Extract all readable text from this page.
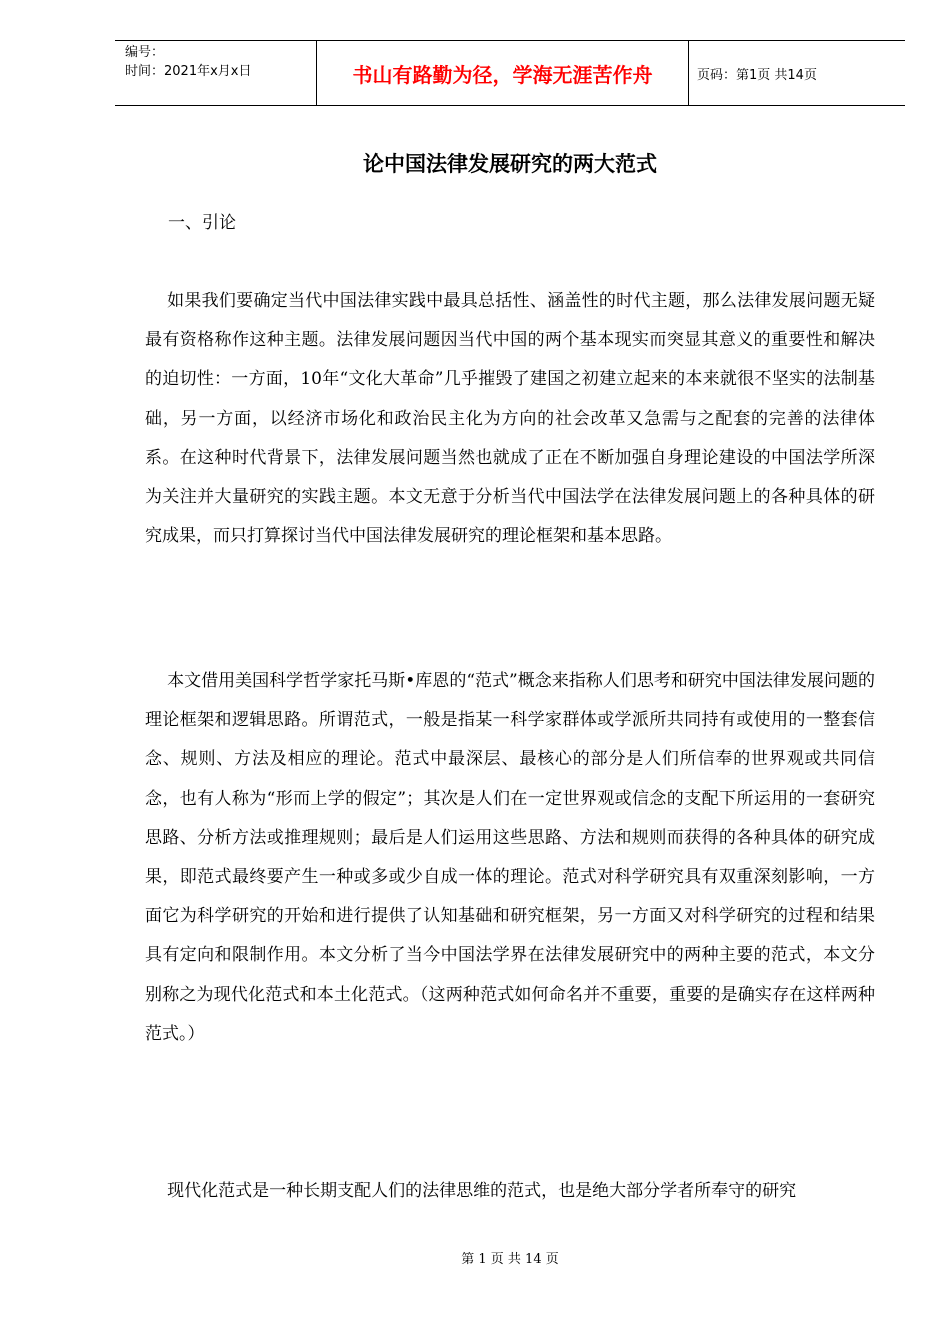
编号：
时间：2021年x月x日	书山有路勤为径，学海无涯苦作舟	页码：第1页 共14页
论中国法律发展研究的两大范式
一、引论
如果我们要确定当代中国法律实践中最具总括性、涵盖性的时代主题，那么法律发展问题无疑最有资格称作这种主题。法律发展问题因当代中国的两个基本现实而突显其意义的重要性和解决的迫切性：一方面，10年“文化大革命”几乎摧毁了建国之初建立起来的本来就很不坚实的法制基础，另一方面，以经济市场化和政治民主化为方向的社会改革又急需与之配套的完善的法律体系。在这种时代背景下，法律发展问题当然也就成了正在不断加强自身理论建设的中国法学所深为关注并大量研究的实践主题。本文无意于分析当代中国法学在法律发展问题上的各种具体的研究成果，而只打算探讨当代中国法律发展研究的理论框架和基本思路。
本文借用美国科学哲学家托马斯•库恩的“范式”概念来指称人们思考和研究中国法律发展问题的理论框架和逻辑思路。所谓范式，一般是指某一科学家群体或学派所共同持有或使用的一整套信念、规则、方法及相应的理论。范式中最深层、最核心的部分是人们所信奉的世界观或共同信念，也有人称为“形而上学的假定”；其次是人们在一定世界观或信念的支配下所运用的一套研究思路、分析方法或推理规则；最后是人们运用这些思路、方法和规则而获得的各种具体的研究成果，即范式最终要产生一种或多或少自成一体的理论。范式对科学研究具有双重深刻影响，一方面它为科学研究的开始和进行提供了认知基础和研究框架，另一方面又对科学研究的过程和结果具有定向和限制作用。本文分析了当今中国法学界在法律发展研究中的两种主要的范式，本文分别称之为现代化范式和本土化范式。（这两种范式如何命名并不重要，重要的是确实存在这样两种范式。）
现代化范式是一种长期支配人们的法律思维的范式，也是绝大部分学者所奉守的研究
第 1 页 共 14 页
